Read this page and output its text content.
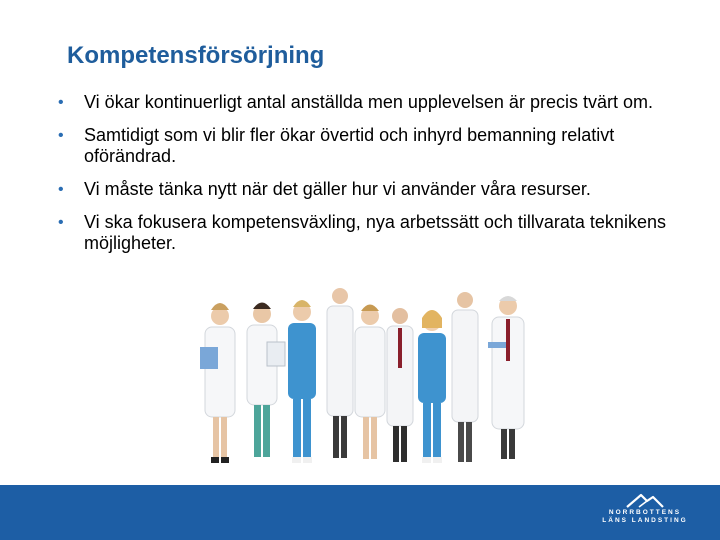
Kompetensförsörjning
• Vi ökar kontinuerligt antal anställda men upplevelsen är precis tvärt om.
• Samtidigt som vi blir fler ökar övertid och inhyrd bemanning relativt oförändrad.
• Vi måste tänka nytt när det gäller hur vi använder våra resurser.
• Vi ska fokusera kompetensväxling, nya arbetssätt och tillvarata teknikens möjligheter.
NORRBOTTENS
LÄNS LANDSTING
